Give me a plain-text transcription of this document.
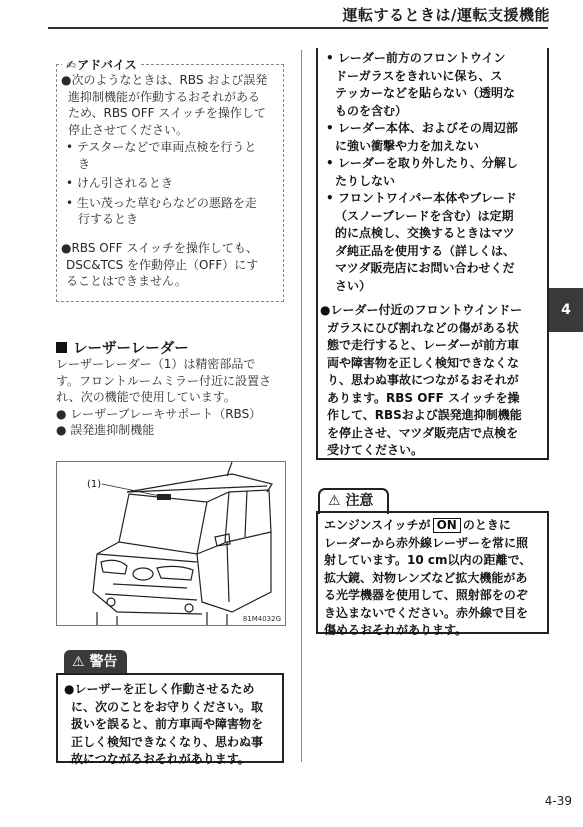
運転するときは/運転支援機能
✍アドバイス
●次のようなときは、RBS および誤発
進抑制機能が作動するおそれがある
ため、RBS OFF スイッチを操作して
停止させてください。
• テスターなどで車両点検を行うと
き
• けん引されるとき
• 生い茂った草むらなどの悪路を走
行するとき
●RBS OFF スイッチを操作しても、
DSC&TCS を作動停止（OFF）にす
ることはできません。
レーザーレーダー
レーザーレーダー（1）は精密部品で
す。フロントルームミラー付近に設置さ
れ、次の機能で使用しています。
● レーザーブレーキサポート（RBS）
● 誤発進抑制機能
(1)
81M4032G
⚠ 警告
●レーザーを正しく作動させるため
に、次のことをお守りください。取
扱いを誤ると、前方車両や障害物を
正しく検知できなくなり、思わぬ事
故につながるおそれがあります。
• レーダー前方のフロントウイン
ドーガラスをきれいに保ち、ス
テッカーなどを貼らない（透明な
ものを含む）
• レーダー本体、およびその周辺部
に強い衝撃や力を加えない
• レーダーを取り外したり、分解し
たりしない
• フロントワイパー本体やブレード
（スノーブレードを含む）は定期
的に点検し、交換するときはマツ
ダ純正品を使用する（詳しくは、
マツダ販売店にお問い合わせくだ
さい）
●レーダー付近のフロントウインドー
ガラスにひび割れなどの傷がある状
態で走行すると、レーダーが前方車
両や障害物を正しく検知できなくな
り、思わぬ事故につながるおそれが
あります。RBS OFF スイッチを操
作して、RBSおよび誤発進抑制機能
を停止させ、マツダ販売店で点検を
受けてください。
⚠ 注意
エンジンスイッチが ON のときに
レーダーから赤外線レーザーを常に照
射しています。10 cm以内の距離で、
拡大鏡、対物レンズなど拡大機能があ
る光学機器を使用して、照射部をのぞ
き込まないでください。赤外線で目を
傷めるおそれがあります。
4
4-39
